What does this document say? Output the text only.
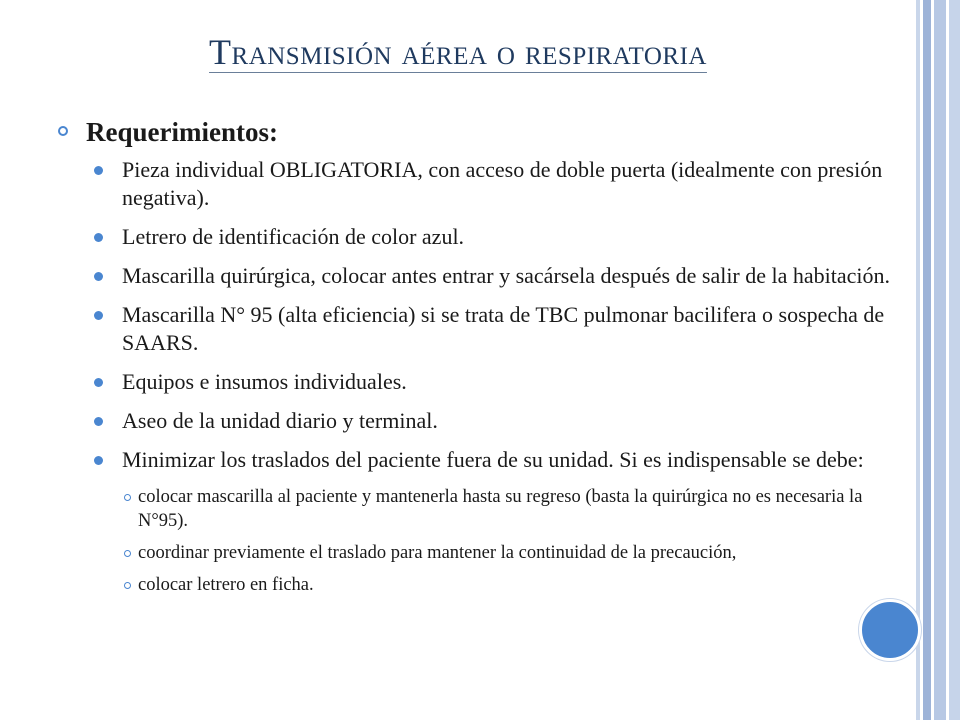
Transmisión aérea o respiratoria
Requerimientos:
Pieza individual OBLIGATORIA, con acceso de doble puerta (idealmente con presión negativa).
Letrero de identificación de color azul.
Mascarilla quirúrgica, colocar antes entrar y sacársela después de salir de la habitación.
Mascarilla N° 95 (alta eficiencia) si se trata de TBC pulmonar bacilifera o sospecha de SAARS.
Equipos e insumos individuales.
Aseo de la unidad diario y terminal.
Minimizar los traslados del paciente fuera de su unidad. Si es indispensable se debe:
colocar mascarilla al paciente y mantenerla hasta su regreso (basta la quirúrgica no es necesaria la N°95).
coordinar previamente el traslado para mantener la continuidad de la precaución,
colocar letrero en ficha.
